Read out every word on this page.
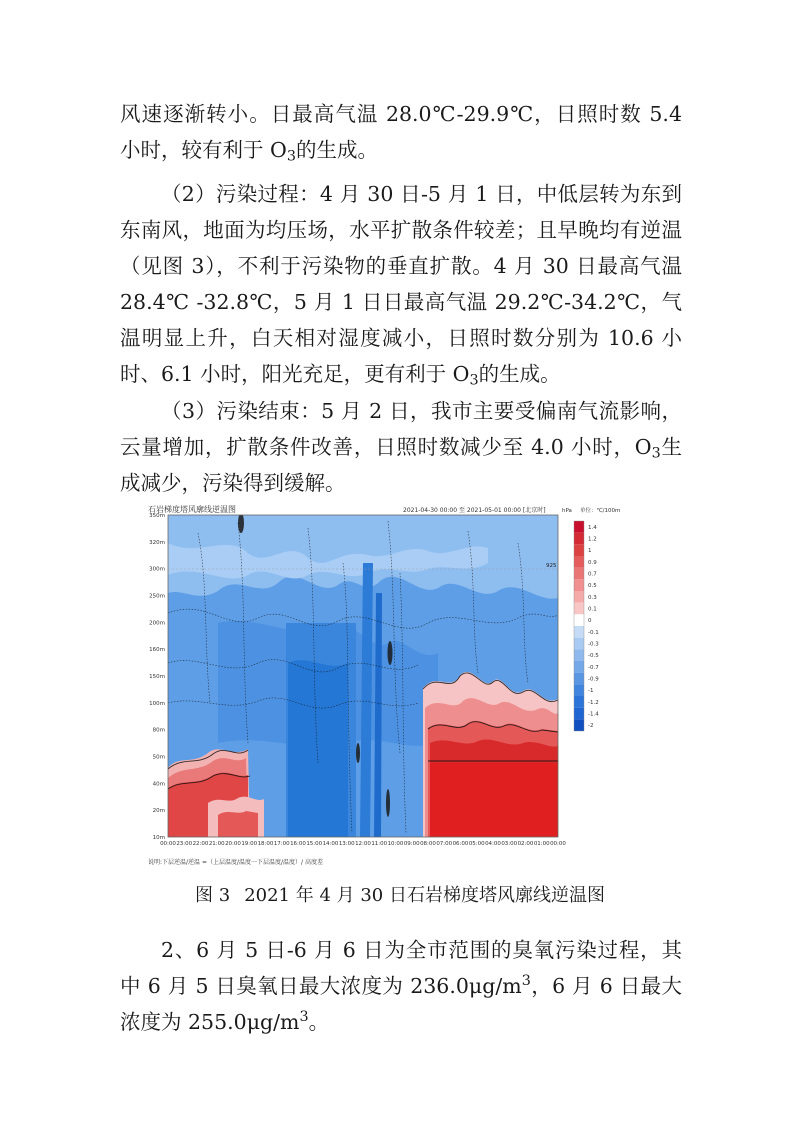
风速逐渐转小。日最高气温 28.0℃-29.9℃，日照时数 5.4 小时，较有利于 $O_3$的生成。

（2）污染过程：4 月 30 日-5 月 1 日，中低层转为东到东南风，地面为均压场，水平扩散条件较差；且早晚均有逆温（见图 3），不利于污染物的垂直扩散。4 月 30 日最高气温 28.4℃ -32.8℃，5 月 1 日日最高气温 29.2℃-34.2℃，气温明显上升，白天相对湿度减小，日照时数分别为 10.6 小时、6.1 小时，阳光充足，更有利于 $O_3$的生成。

（3）污染结束：5 月 2 日，我市主要受偏南气流影响，云量增加，扩散条件改善，日照时数减少至 4.0 小时，$O_3$生成减少，污染得到缓解。

石岩梯度塔风廓线逆温图	2021-04-30 00:00 至 2021-05-01 00:00 [北京时]	hPa 单位：℃/100m
925
350m
320m
300m
250m
200m
160m
150m
100m
80m
50m
40m
20m
10m
00:00 23:00 22:00 21:00 20:00 19:00 18:00 17:00 16:00 15:00 14:00 13:00 12:00 11:00 10:00 09:00 08:00 07:00 06:00 05:00 04:00 03:00 02:00 01:00 00:00
1.4
1.2
1
0.9
0.7
0.5
0.3
0.1
0
-0.1
-0.3
-0.5
-0.7
-0.9
-1
-1.2
-1.4
-2
说明:下层逆温/逆温 =（上层温度/温度一下层温度/温度）/ 高度差
图 3 2021 年 4 月 30 日石岩梯度塔风廓线逆温图

2、6 月 5 日-6 月 6 日为全市范围的臭氧污染过程，其中 6 月 5 日臭氧日最大浓度为 $236.0\mu g/m^3$，6 月 6 日最大浓度为 $255.0\mu g/m^3$。
